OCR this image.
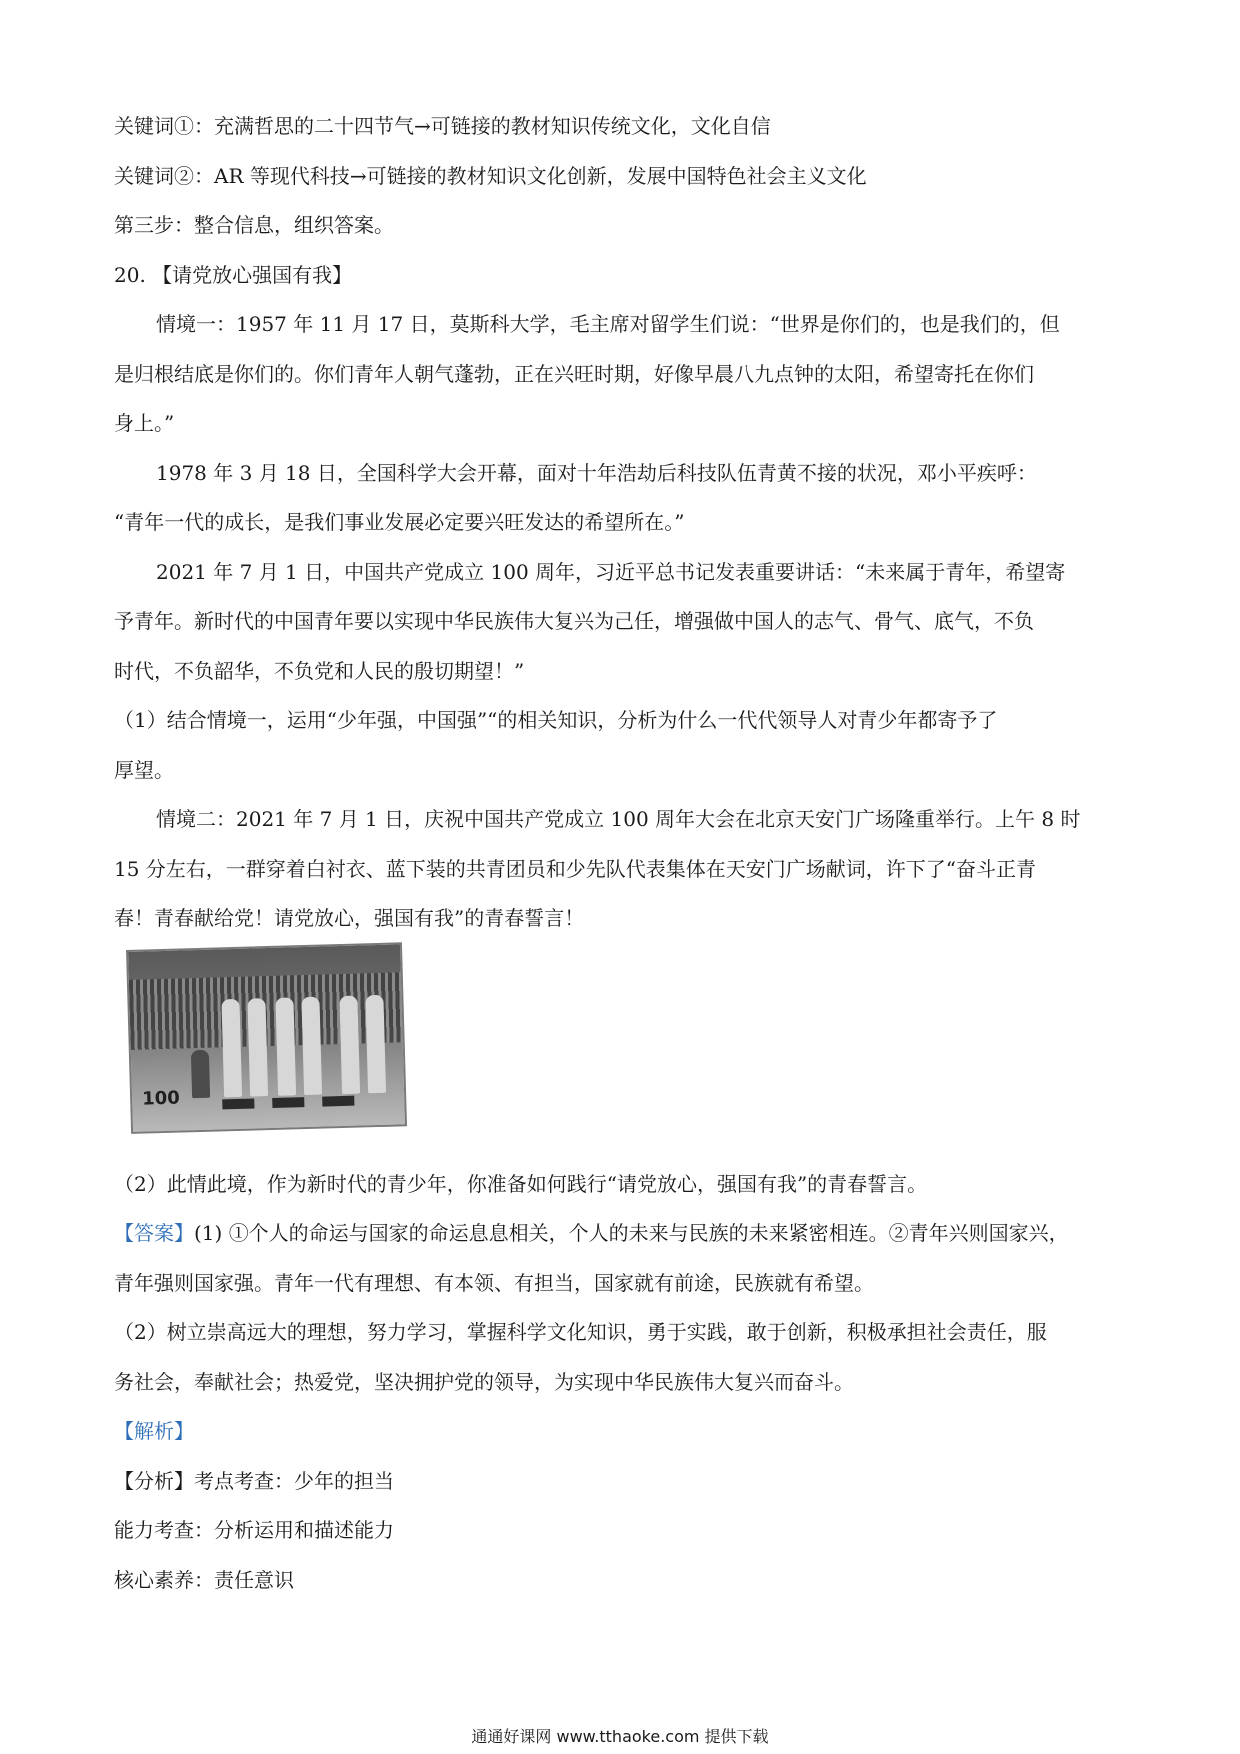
关键词①：充满哲思的二十四节气→可链接的教材知识传统文化，文化自信
关键词②：AR 等现代科技→可链接的教材知识文化创新，发展中国特色社会主义文化
第三步：整合信息，组织答案。
20. 【请党放心强国有我】
情境一：1957 年 11 月 17 日，莫斯科大学，毛主席对留学生们说：“世界是你们的，也是我们的，但
是归根结底是你们的。你们青年人朝气蓬勃，正在兴旺时期，好像早晨八九点钟的太阳，希望寄托在你们
身上。”
1978 年 3 月 18 日，全国科学大会开幕，面对十年浩劫后科技队伍青黄不接的状况，邓小平疾呼：
“青年一代的成长，是我们事业发展必定要兴旺发达的希望所在。”
2021 年 7 月 1 日，中国共产党成立 100 周年，习近平总书记发表重要讲话：“未来属于青年，希望寄
予青年。新时代的中国青年要以实现中华民族伟大复兴为己任，增强做中国人的志气、骨气、底气，不负
时代，不负韶华，不负党和人民的殷切期望！”
（1）结合情境一，运用“少年强，中国强”“的相关知识，分析为什么一代代领导人对青少年都寄予了
厚望。
情境二：2021 年 7 月 1 日，庆祝中国共产党成立 100 周年大会在北京天安门广场隆重举行。上午 8 时
15 分左右，一群穿着白衬衣、蓝下装的共青团员和少先队代表集体在天安门广场献词，许下了“奋斗正青
春！青春献给党！请党放心，强国有我”的青春誓言！
100
（2）此情此境，作为新时代的青少年，你准备如何践行“请党放心，强国有我”的青春誓言。
【答案】(1) ①个人的命运与国家的命运息息相关，个人的未来与民族的未来紧密相连。②青年兴则国家兴，
青年强则国家强。青年一代有理想、有本领、有担当，国家就有前途，民族就有希望。
（2）树立崇高远大的理想，努力学习，掌握科学文化知识，勇于实践，敢于创新，积极承担社会责任，服
务社会，奉献社会；热爱党，坚决拥护党的领导，为实现中华民族伟大复兴而奋斗。
【解析】
【分析】考点考查：少年的担当
能力考查：分析运用和描述能力
核心素养：责任意识
通通好课网 www.tthaoke.com 提供下载
